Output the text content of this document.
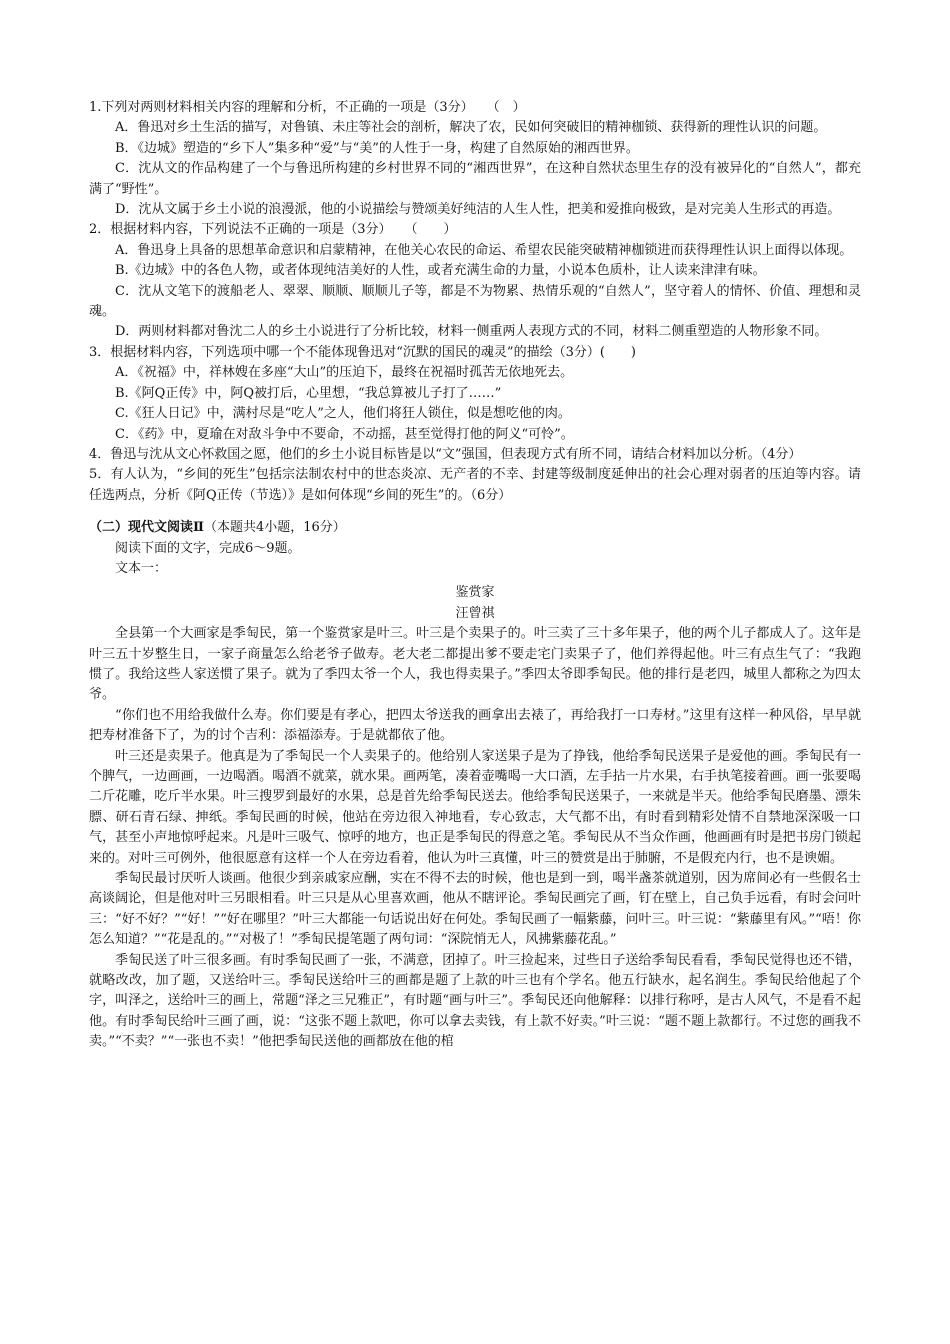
1.下列对两则材料相关内容的理解和分析，不正确的一项是（3分）　　（　）

A．鲁迅对乡土生活的描写，对鲁镇、未庄等社会的剖析，解决了农，民如何突破旧的精神枷锁、获得新的理性认识的问题。

B．《边城》塑造的“乡下人”集多种“爱”与“美”的人性于一身，构建了自然原始的湘西世界。

C．沈从文的作品构建了一个与鲁迅所构建的乡村世界不同的“湘西世界”，在这种自然状态里生存的没有被异化的“自然人”，都充满了“野性”。

D．沈从文属于乡土小说的浪漫派，他的小说描绘与赞颂美好纯洁的人生人性，把美和爱推向极致，是对完美人生形式的再造。

2．根据材料内容，下列说法不正确的一项是（3分）　　（　　）

A．鲁迅身上具备的思想革命意识和启蒙精神，在他关心农民的命运、希望农民能突破精神枷锁进而获得理性认识上面得以体现。

B.《边城》中的各色人物，或者体现纯洁美好的人性，或者充满生命的力量，小说本色质朴，让人读来津津有味。

C．沈从文笔下的渡船老人、翠翠、顺顺、顺顺儿子等，都是不为物累、热情乐观的“自然人”，坚守着人的情怀、价值、理想和灵魂。

D．两则材料都对鲁沈二人的乡土小说进行了分析比较，材料一侧重两人表现方式的不同，材料二侧重塑造的人物形象不同。

3．根据材料内容，下列选项中哪一个不能体现鲁迅对“沉默的国民的魂灵”的描绘（3分）(　　)

A．《祝福》中，祥林嫂在多座“大山”的压迫下，最终在祝福时孤苦无依地死去。

B.《阿Q正传》中，阿Q被打后，心里想，“我总算被儿子打了……”

C.《狂人日记》中，满村尽是“吃人”之人，他们将狂人锁住，似是想吃他的肉。

C．《药》中，夏瑜在对敌斗争中不要命，不动摇，甚至觉得打他的阿义“可怜”。

4．鲁迅与沈从文心怀救国之愿，他们的乡土小说目标皆是以“文”强国，但表现方式有所不同，请结合材料加以分析。（4分）

5．有人认为，“乡间的死生”包括宗法制农村中的世态炎凉、无产者的不幸、封建等级制度延伸出的社会心理对弱者的压迫等内容。请任选两点，分析《阿Q正传（节选）》是如何体现“乡间的死生”的。（6分）

（二）现代文阅读Ⅱ（本题共4小题，16分）

阅读下面的文字，完成6～9题。

文本一：

鉴赏家

汪曾祺

全县第一个大画家是季匋民，第一个鉴赏家是叶三。叶三是个卖果子的。叶三卖了三十多年果子，他的两个儿子都成人了。这年是叶三五十岁整生日，一家子商量怎么给老爷子做寿。老大老二都提出爹不要走宅门卖果子了，他们养得起他。叶三有点生气了：“我跑惯了。我给这些人家送惯了果子。就为了季四太爷一个人，我也得卖果子。”季四太爷即季匋民。他的排行是老四，城里人都称之为四太爷。

“你们也不用给我做什么寿。你们要是有孝心，把四太爷送我的画拿出去裱了，再给我打一口寿材。”这里有这样一种风俗，早早就把寿材准备下了，为的讨个吉利：添福添寿。于是就都依了他。

叶三还是卖果子。他真是为了季匋民一个人卖果子的。他给别人家送果子是为了挣钱，他给季匋民送果子是爱他的画。季匋民有一个脾气，一边画画，一边喝酒。喝酒不就菜，就水果。画两笔，凑着壶嘴喝一大口酒，左手拈一片水果，右手执笔接着画。画一张要喝二斤花雕，吃斤半水果。叶三搜罗到最好的水果，总是首先给季匋民送去。他给季匋民送果子，一来就是半天。他给季匋民磨墨、漂朱膘、研石青石绿、抻纸。季匋民画的时候，他站在旁边很入神地看，专心致志，大气都不出，有时看到精彩处情不自禁地深深吸一口气，甚至小声地惊呼起来。凡是叶三吸气、惊呼的地方，也正是季匋民的得意之笔。季匋民从不当众作画，他画画有时是把书房门锁起来的。对叶三可例外，他很愿意有这样一个人在旁边看着，他认为叶三真懂，叶三的赞赏是出于肺腑，不是假充内行，也不是谀媚。

季匋民最讨厌听人谈画。他很少到亲戚家应酬，实在不得不去的时候，他也是到一到，喝半盏茶就道别，因为席间必有一些假名士高谈阔论，但是他对叶三另眼相看。叶三只是从心里喜欢画，他从不瞎评论。季匋民画完了画，钉在壁上，自己负手远看，有时会问叶三：“好不好？”“好！”“好在哪里？”叶三大都能一句话说出好在何处。季匋民画了一幅紫藤，问叶三。叶三说：“紫藤里有风。”“唔！你怎么知道？”“花是乱的。”“对极了！”季匋民提笔题了两句词：“深院悄无人，风拂紫藤花乱。”

季匋民送了叶三很多画。有时季匋民画了一张，不满意，团掉了。叶三捡起来，过些日子送给季匋民看看，季匋民觉得也还不错，就略改改，加了题，又送给叶三。季匋民送给叶三的画都是题了上款的叶三也有个学名。他五行缺水，起名润生。季匋民给他起了个字，叫泽之，送给叶三的画上，常题“泽之三兄雅正”，有时题“画与叶三”。季匋民还向他解释：以排行称呼，是古人风气，不是看不起他。有时季匋民给叶三画了画，说：“这张不题上款吧，你可以拿去卖钱，有上款不好卖。”叶三说：“题不题上款都行。不过您的画我不卖。”“不卖？”“一张也不卖！”他把季匋民送他的画都放在他的棺
